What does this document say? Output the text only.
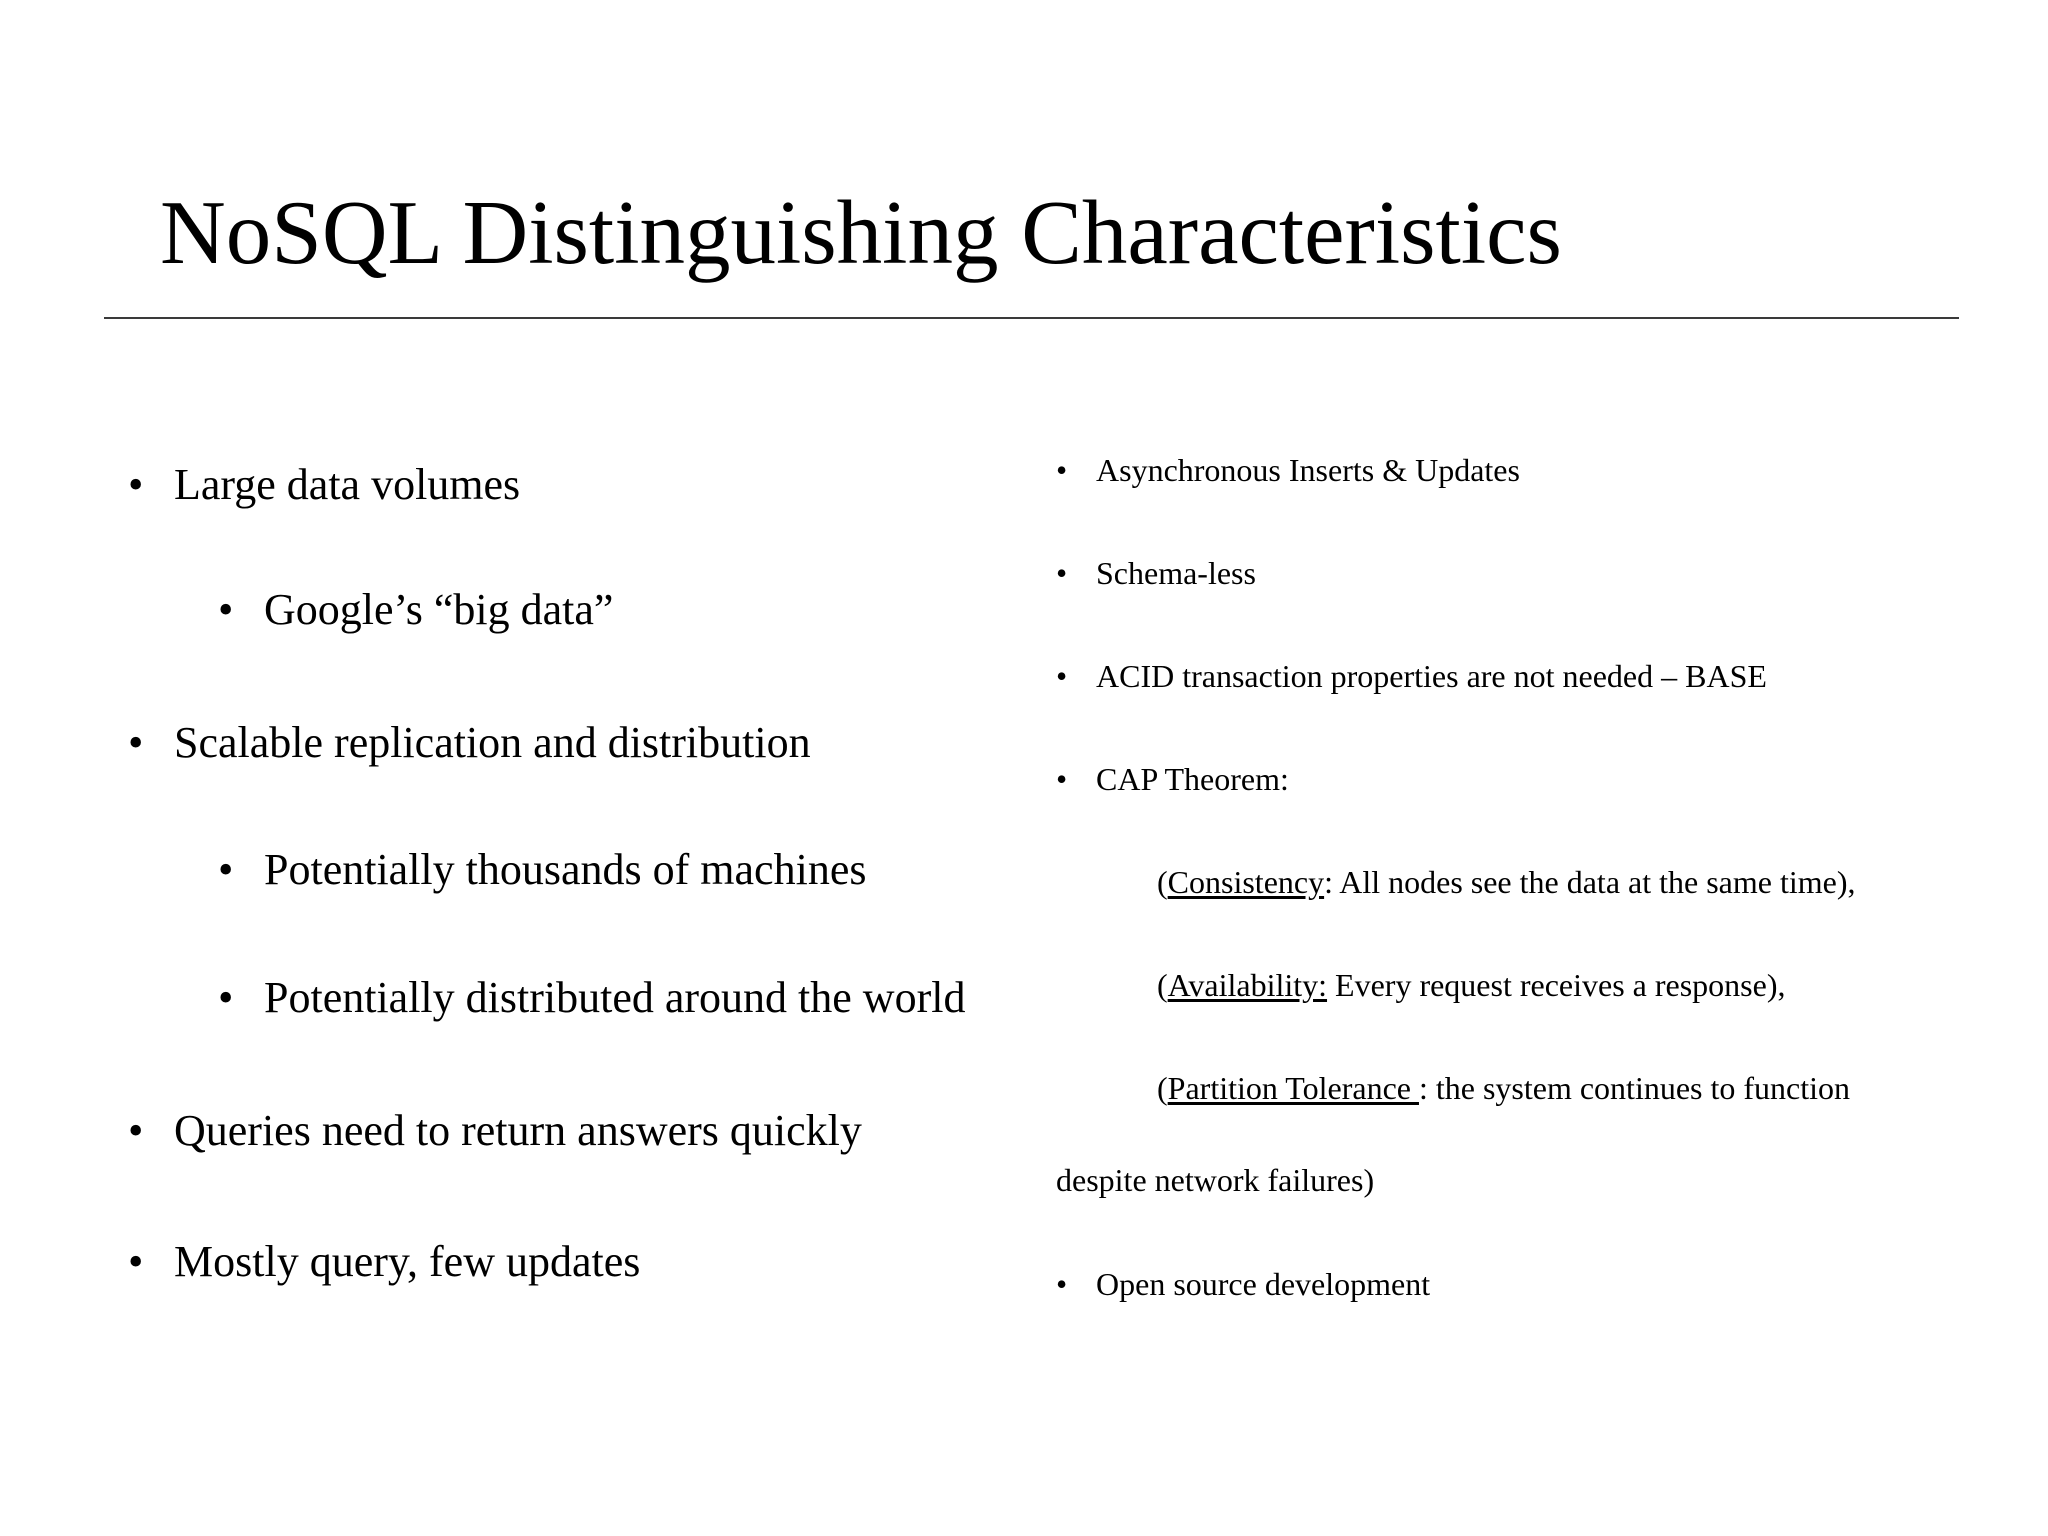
NoSQL Distinguishing Characteristics
• Large data volumes
• Google’s “big data”
• Scalable replication and distribution
• Potentially thousands of machines
• Potentially distributed around the world
• Queries need to return answers quickly
• Mostly query, few updates
• Asynchronous Inserts & Updates
• Schema-less
• ACID transaction properties are not needed – BASE
• CAP Theorem:
(Consistency: All nodes see the data at the same time),
(Availability: Every request receives a response),
(Partition Tolerance : the system continues to function
despite network failures)
• Open source development
